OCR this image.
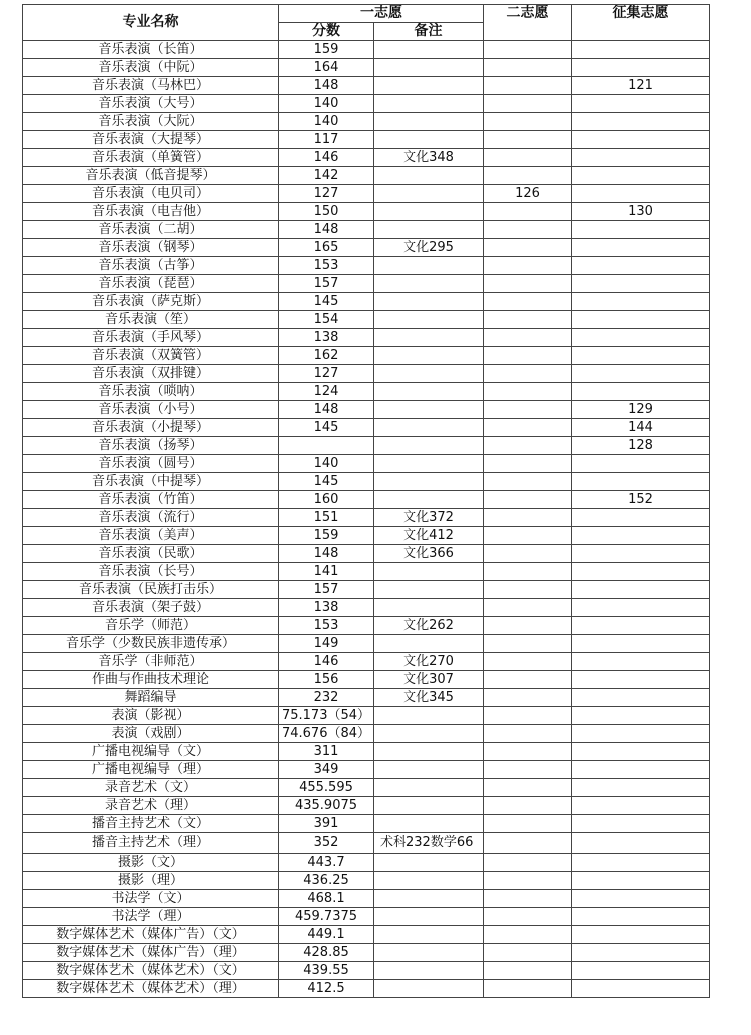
专业名称	一志愿		二志愿	征集志愿
	分数	备注		
音乐表演（长笛）	159			
音乐表演（中阮）	164			
音乐表演（马林巴）	148			121
音乐表演（大号）	140			
音乐表演（大阮）	140			
音乐表演（大提琴）	117			
音乐表演（单簧管）	146	文化348		
音乐表演（低音提琴）	142			
音乐表演（电贝司）	127		126	
音乐表演（电吉他）	150			130
音乐表演（二胡）	148			
音乐表演（钢琴）	165	文化295		
音乐表演（古筝）	153			
音乐表演（琵琶）	157			
音乐表演（萨克斯）	145			
音乐表演（笙）	154			
音乐表演（手风琴）	138			
音乐表演（双簧管）	162			
音乐表演（双排键）	127			
音乐表演（唢呐）	124			
音乐表演（小号）	148			129
音乐表演（小提琴）	145			144
音乐表演（扬琴）				128
音乐表演（圆号）	140			
音乐表演（中提琴）	145			
音乐表演（竹笛）	160			152
音乐表演（流行）	151	文化372		
音乐表演（美声）	159	文化412		
音乐表演（民歌）	148	文化366		
音乐表演（长号）	141			
音乐表演（民族打击乐）	157			
音乐表演（架子鼓）	138			
音乐学（师范）	153	文化262		
音乐学（少数民族非遗传承）	149			
音乐学（非师范）	146	文化270		
作曲与作曲技术理论	156	文化307		
舞蹈编导	232	文化345		
表演（影视）	75.173（54）			
表演（戏剧）	74.676（84）			
广播电视编导（文）	311			
广播电视编导（理）	349			
录音艺术（文）	455.595			
录音艺术（理）	435.9075			
播音主持艺术（文）	391			
播音主持艺术（理）	352	术科232数学66		
摄影（文）	443.7			
摄影（理）	436.25			
书法学（文）	468.1			
书法学（理）	459.7375			
数字媒体艺术（媒体广告）（文）	449.1			
数字媒体艺术（媒体广告）（理）	428.85			
数字媒体艺术（媒体艺术）（文）	439.55			
数字媒体艺术（媒体艺术）（理）	412.5			
